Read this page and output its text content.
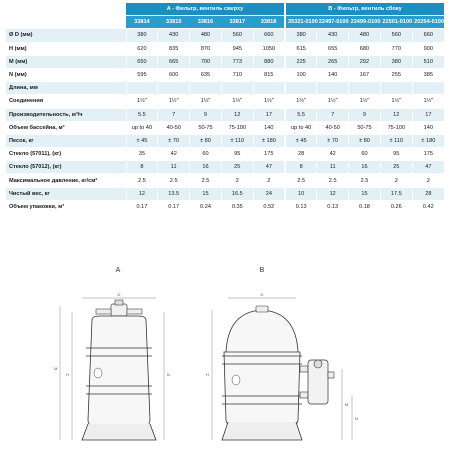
	A - Фильтр, вентиль сверху					B - Фильтр, вентиль сбоку				
	33814	33815	33816	33817	33818	35321-0100	22497-0100	22499-0100	22501-0100	20254-0100
Ø D (мм)	380	430	480	560	660	380	430	480	560	660
H (мм)	620	835	870	945	1050	615	655	680	770	900
M (мм)	650	665	700	773	880	225	265	292	380	510
N (мм)	595	600	635	710	815	100	140	167	255	385
Длина, мм										
Соединения	1½"	1½"	1½"	1½"	1½"	1½"	1½"	1½"	1½"	1½"
Производительность, м³/ч	5.5	7	9	12	17	5.5	7	9	12	17
Объем бассейна, м³	up to 40	40-50	50-75	75-100	140	up to 40	40-50	50-75	75-100	140
Песок, кг	± 45	± 70	± 80	± 110	± 180	± 45	± 70	± 80	± 110	± 180
Стекло (57011), (кг)	35	42	60	95	175	28	42	60	95	175
Стекло (57012), (кг)	8	11	16	25	47	8	11	16	25	47
Максимальное давление, кг/см²	2.5	2.5	2.5	2	2	2.5	2.5	2.5	2	2
Чистый вес, кг	12	13.5	15	16.5	24	10	12	15	17.5	28
Объем упаковки, м³	0.17	0.17	0.24	0.35	0.52	0.13	0.13	0.18	0.26	0.42
A
D
H
M
N
B
D
H
M
N
